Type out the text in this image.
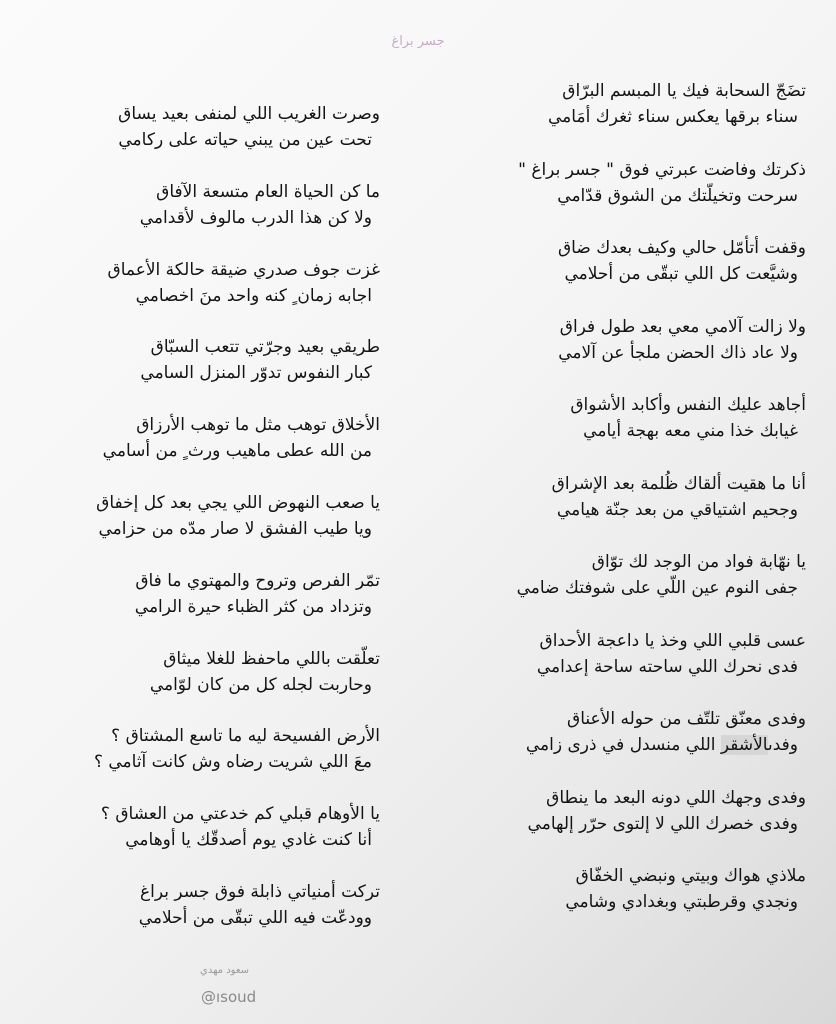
جسر براغ
تضَجّ السحابة فيك يا المبسم البرّاق
سناء برقها يعكس سناء ثغرك أمَامي
ذكرتك وفاضت عبرتي فوق " جسر براغ "
سرحت وتخيلّتك من الشوق قدّامي
وقفت أتأمّل حالي وكيف بعدك ضاق
وشيَّعت كل اللي تبقّى من أحلامي
ولا زالت آلامي معي بعد طول فراق
ولا عاد ذاك الحضن ملجأ عن آلامي
أجاهد عليك النفس وأكابد الأشواق
غيابك خذا مني معه بهجة أيامي
أنا ما هقيت ألقاك ظُلمة بعد الإشراق
وجحيم اشتياقي من بعد جنّة هيامي
يا نهّابة فواد من الوجد لك توّاق
جفى النوم عين اللّي على شوفتك ضامي
عسى قلبي اللي وخذ يا داعجة الأحداق
فدى نحرك اللي ساحته ساحة إعدامي
وفدى معنّق تلتّف من حوله الأعناق
وفدىالأشقر اللي منسدل في ذرى زامي
وفدى وجهك اللي دونه البعد ما ينطاق
وفدى خصرك اللي لا إلتوى حرّر إلهامي
ملاذي هواك وبيتي ونبضي الخفّاق
ونجدي وقرطبتي وبغدادي وشامي
وصرت الغريب اللي لمنفى بعيد يساق
تحت عين من يبني حياته على ركامي
ما كن الحياة العام متسعة الآفاق
ولا كن هذا الدرب مالوف لأقدامي
غزت جوف صدري ضيقة حالكة الأعماق
اجابه زمان ٍ كنه واحد منَ اخصامي
طريقي بعيد وجرّتي تتعب السبّاق
كبار النفوس تدوّر المنزل السامي
الأخلاق توهب مثل ما توهب الأرزاق
من الله عطى ماهيب ورث ٍ من أسامي
يا صعب النهوض اللي يجي بعد كل إخفاق
ويا طيب الفشق لا صار مدّه من حزامي
تمّر الفرص وتروح والمهتوي ما فاق
وتزداد من كثر الظباء حيرة الرامي
تعلّقت باللي ماحفظ للغلا ميثاق
وحاربت لجله كل من كان لوّامي
الأرض الفسيحة ليه ما تاسع المشتاق ؟
معَ اللي شريت رضاه وش كانت آثامي ؟
يا الأوهام قبلي كم خدعتي من العشاق ؟
أنا كنت غادي يوم أصدقّك يا أوهامي
تركت أمنياتي ذابلة فوق جسر براغ
وودعّت فيه اللي تبقّى من أحلامي
سعود مهدي
@ısoud
